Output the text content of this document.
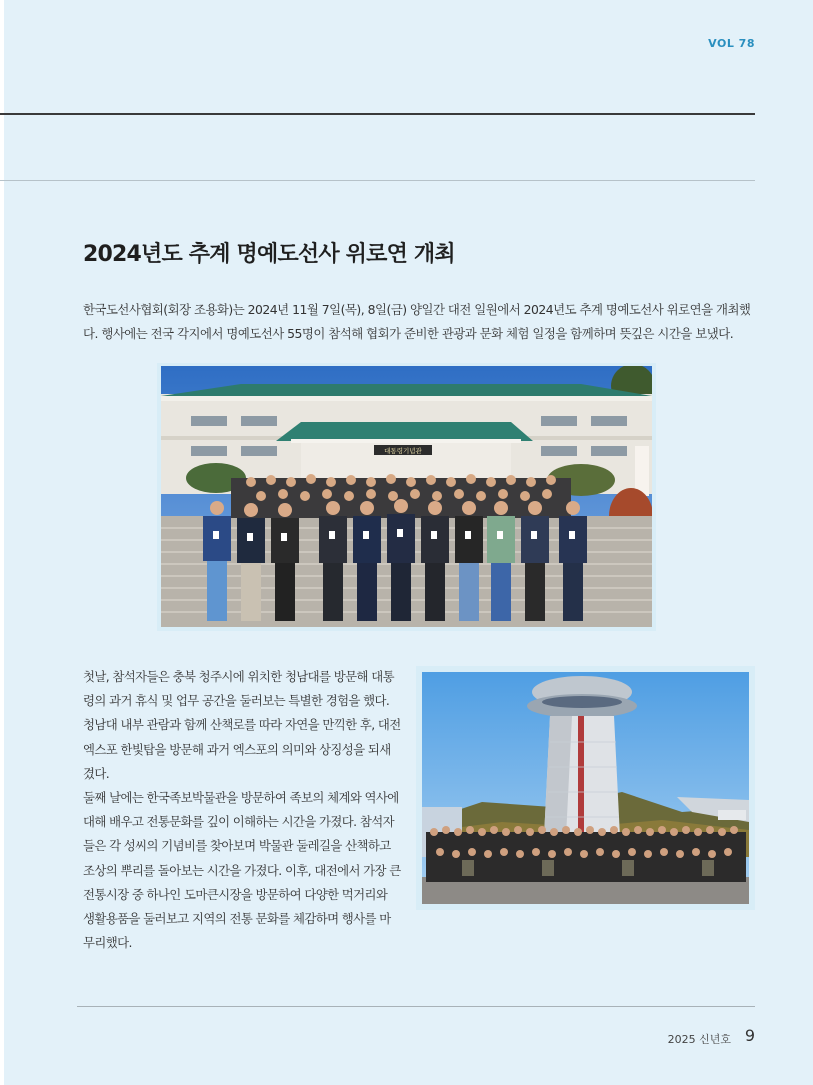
VOL 78
2024년도 추계 명예도선사 위로연 개최

한국도선사협회(회장 조용화)는 2024년 11월 7일(목), 8일(금) 양일간 대전 일원에서 2024년도 추계 명예도선사 위로연을 개최했다. 행사에는 전국 각지에서 명예도선사 55명이 참석해 협회가 준비한 관광과 문화 체험 일정을 함께하며 뜻깊은 시간을 보냈다.

대통령기념관

첫날, 참석자들은 충북 청주시에 위치한 청남대를 방문해 대통령의 과거 휴식 및 업무 공간을 둘러보는 특별한 경험을 했다. 청남대 내부 관람과 함께 산책로를 따라 자연을 만끽한 후, 대전 엑스포 한빛탑을 방문해 과거 엑스포의 의미와 상징성을 되새겼다.

둘째 날에는 한국족보박물관을 방문하여 족보의 체계와 역사에 대해 배우고 전통문화를 깊이 이해하는 시간을 가졌다. 참석자들은 각 성씨의 기념비를 찾아보며 박물관 둘레길을 산책하고 조상의 뿌리를 돌아보는 시간을 가졌다. 이후, 대전에서 가장 큰 전통시장 중 하나인 도마큰시장을 방문하여 다양한 먹거리와 생활용품을 둘러보고 지역의 전통 문화를 체감하며 행사를 마무리했다.

2025 신년호 9
